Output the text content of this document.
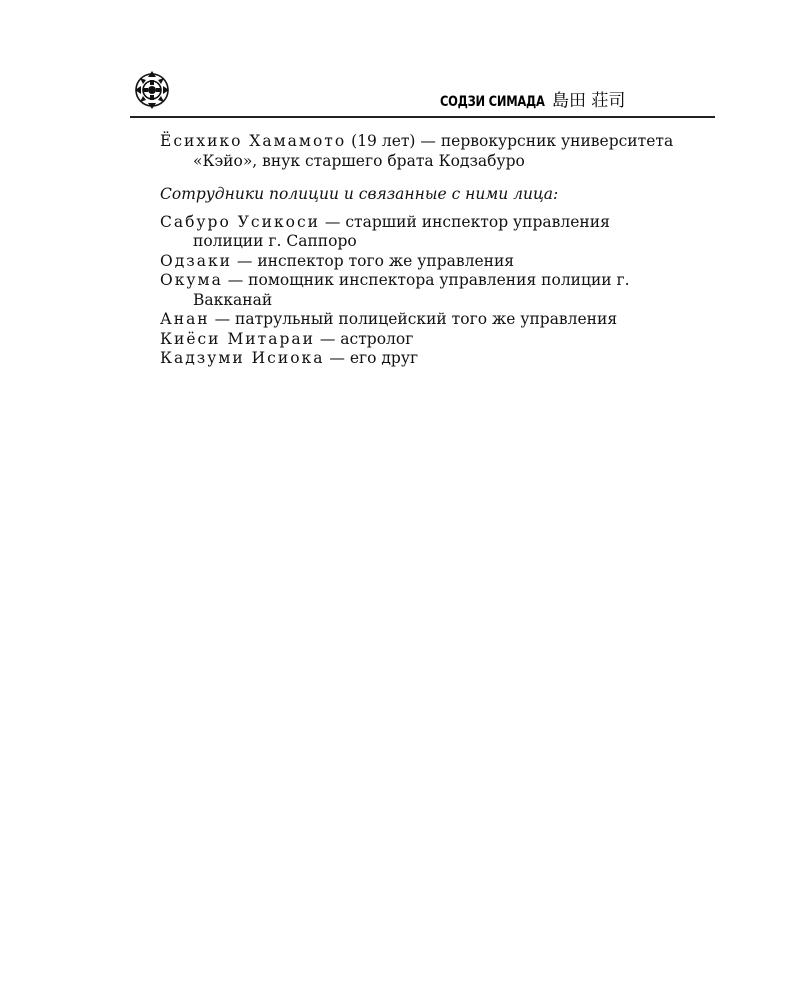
СОДЗИ СИМАДА 島田 荘司

Ёсихико Хамамото (19 лет) — первокурсник университета «Кэйо», внук старшего брата Кодзабуро

Сотрудники полиции и связанные с ними лица:

Сабуро Усикоси — старший инспектор управления полиции г. Саппоро

Одзаки — инспектор того же управления

Окума — помощник инспектора управления полиции г. Вакканай

Анан — патрульный полицейский того же управления

Киёси Митараи — астролог

Кадзуми Исиока — его друг
